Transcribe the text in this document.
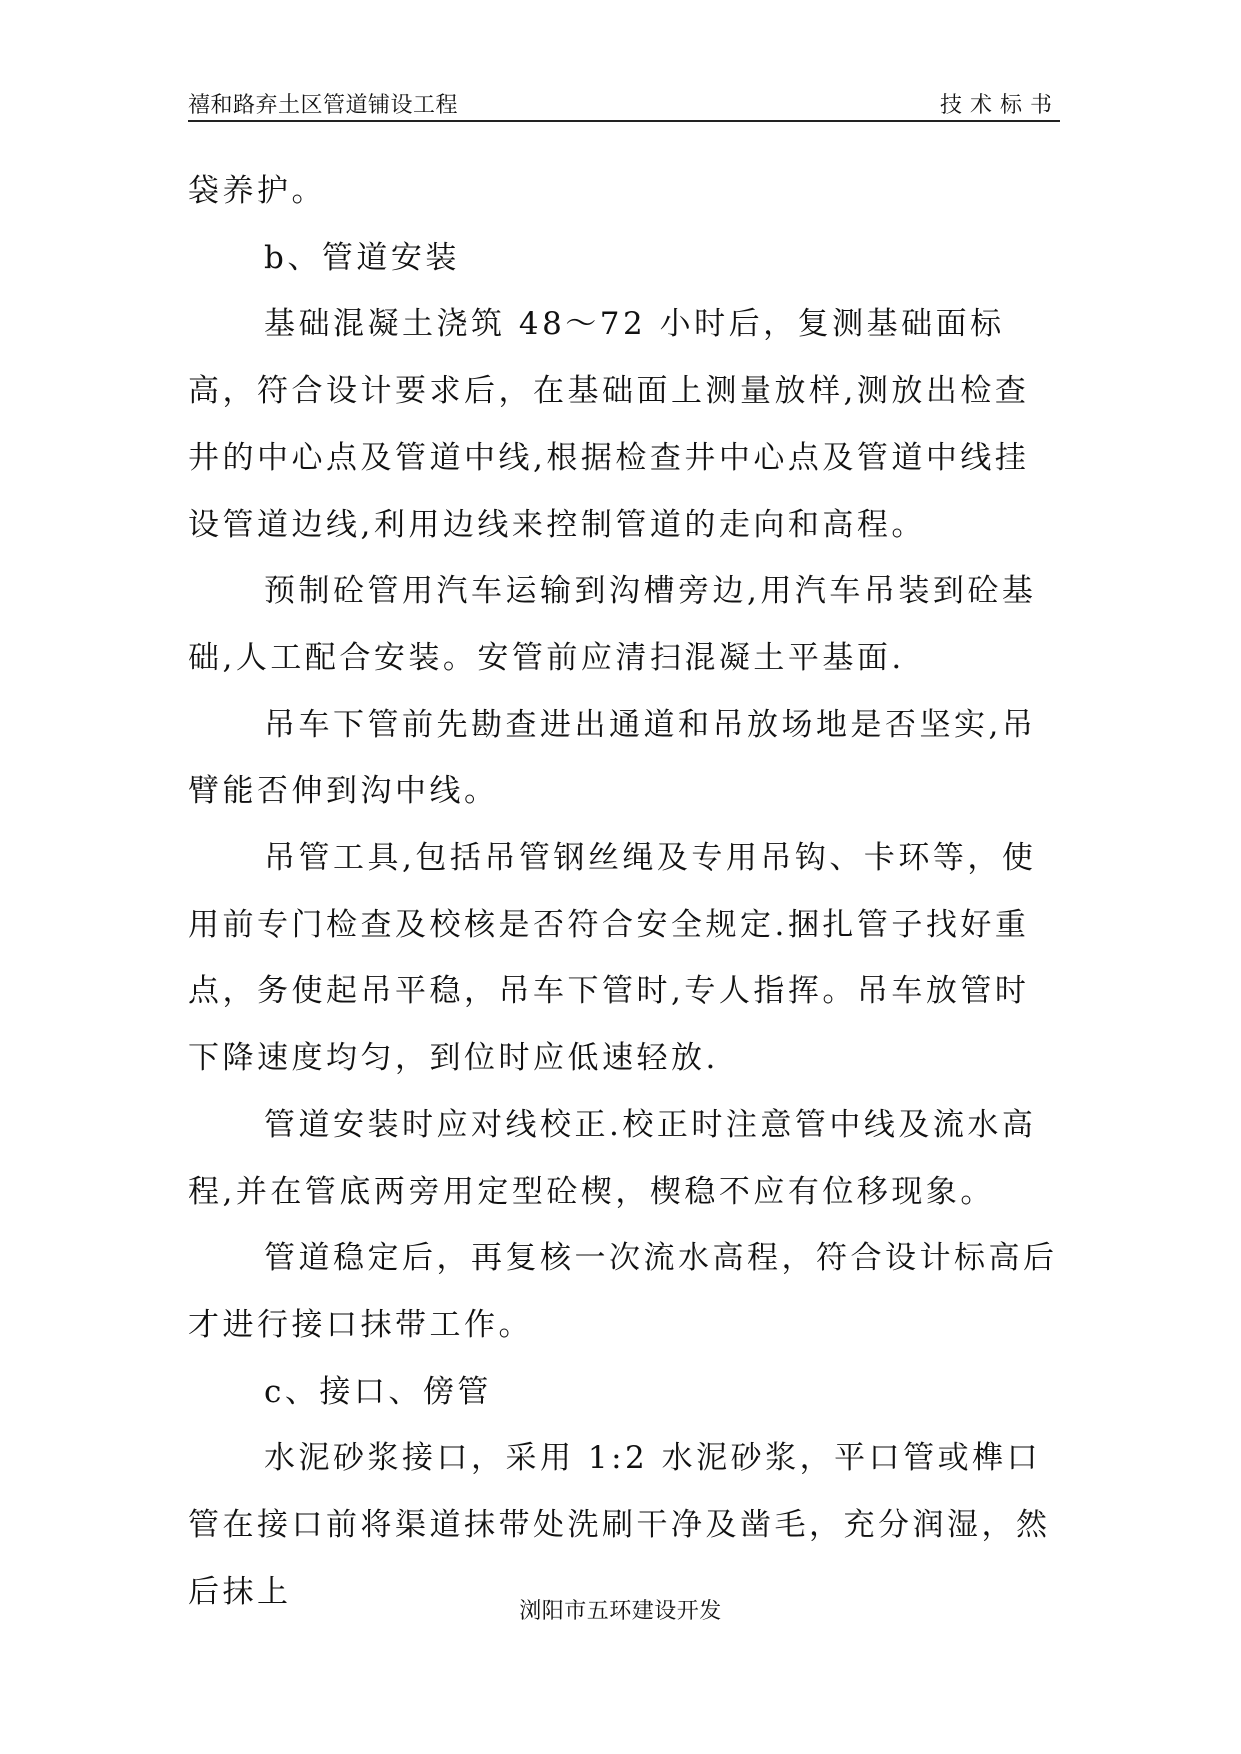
禧和路弃土区管道铺设工程	技术标书

袋养护。

b、管道安装

基础混凝土浇筑 48～72 小时后，复测基础面标高，符合设计要求后，在基础面上测量放样,测放出检查井的中心点及管道中线,根据检查井中心点及管道中线挂设管道边线,利用边线来控制管道的走向和高程。

预制砼管用汽车运输到沟槽旁边,用汽车吊装到砼基础,人工配合安装。安管前应清扫混凝土平基面.

吊车下管前先勘查进出通道和吊放场地是否坚实,吊臂能否伸到沟中线。

吊管工具,包括吊管钢丝绳及专用吊钩、卡环等，使用前专门检查及校核是否符合安全规定.捆扎管子找好重点，务使起吊平稳，吊车下管时,专人指挥。吊车放管时下降速度均匀，到位时应低速轻放.

管道安装时应对线校正.校正时注意管中线及流水高程,并在管底两旁用定型砼楔，楔稳不应有位移现象。

管道稳定后，再复核一次流水高程，符合设计标高后才进行接口抹带工作。

c、接口、傍管

水泥砂浆接口，采用 1:2 水泥砂浆，平口管或榫口管在接口前将渠道抹带处洗刷干净及凿毛，充分润湿，然后抹上

浏阳市五环建设开发
